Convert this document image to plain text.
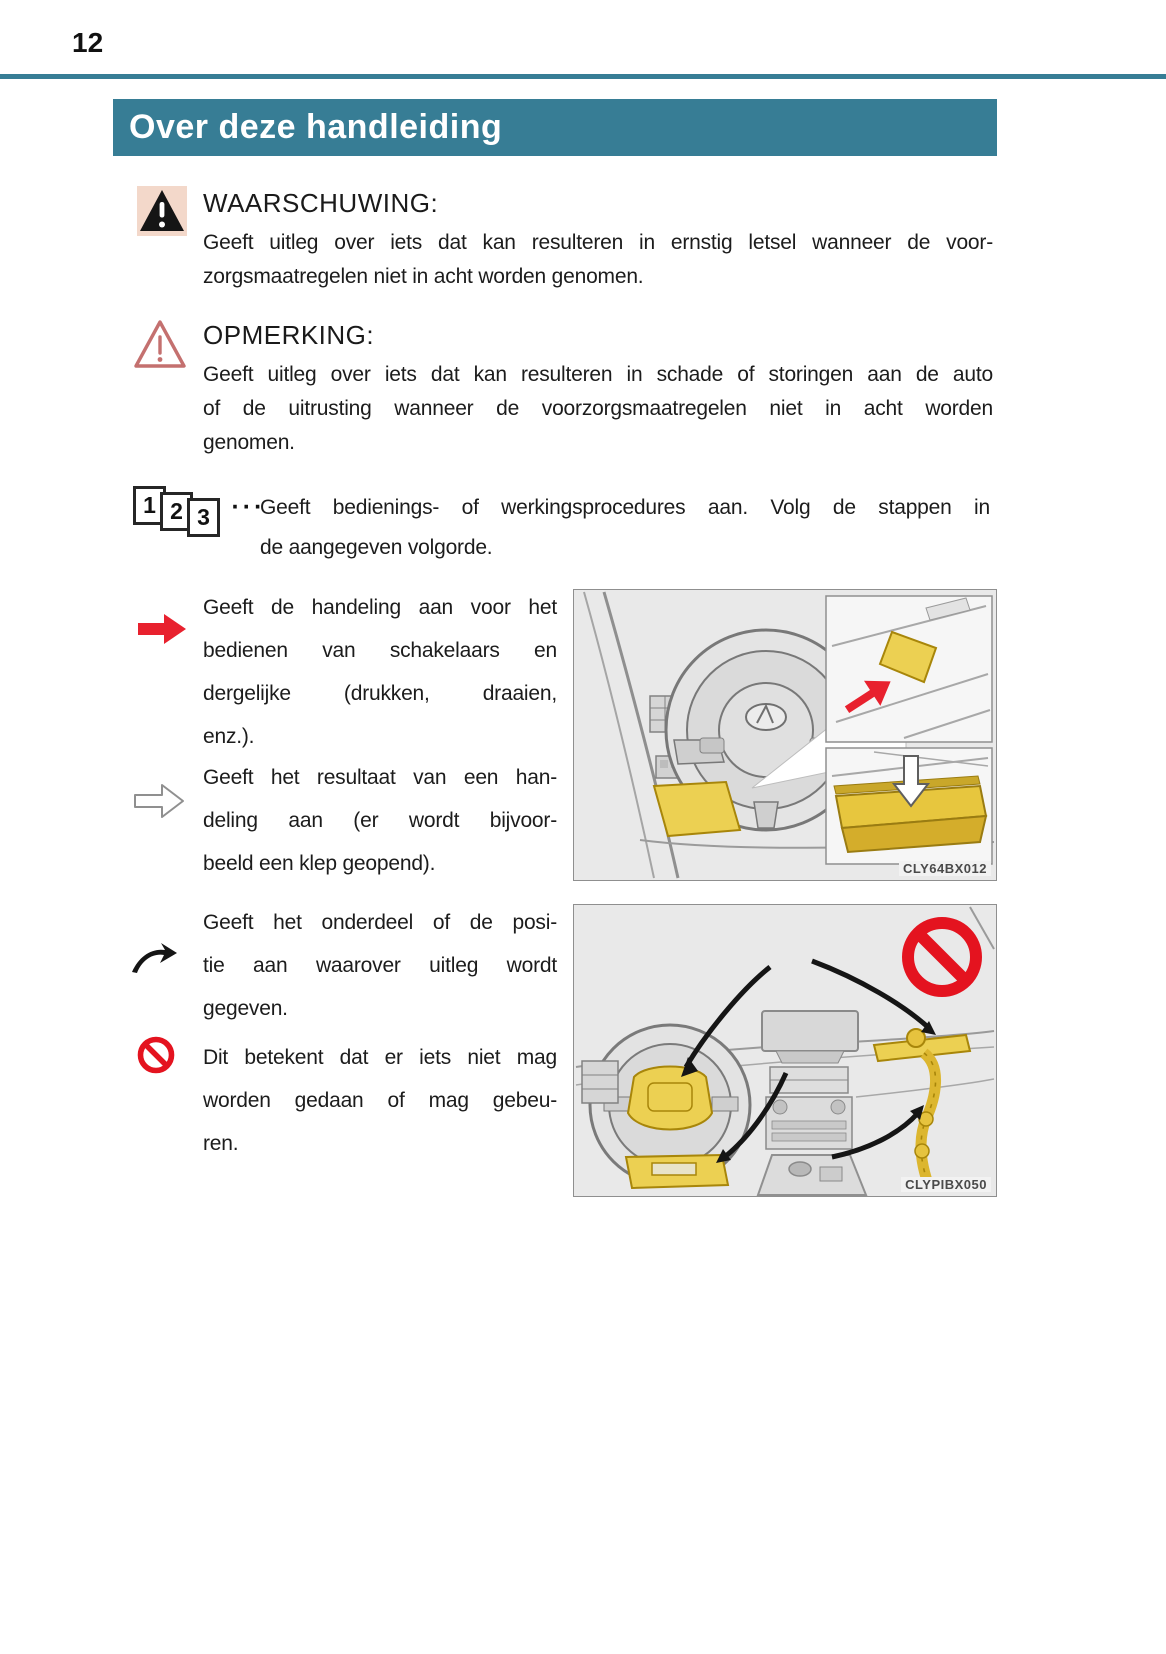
12
Over deze handleiding
WAARSCHUWING:
Geeft uitleg over iets dat kan resulteren in ernstig letsel wanneer de voor-
zorgsmaatregelen niet in acht worden genomen.
OPMERKING:
Geeft uitleg over iets dat kan resulteren in schade of storingen aan de auto
of de uitrusting wanneer de voorzorgsmaatregelen niet in acht worden
genomen.
1 2 3 ···
Geeft bedienings- of werkingsprocedures aan. Volg de stappen in
de aangegeven volgorde.
Geeft de handeling aan voor het
bedienen van schakelaars en
dergelijke (drukken, draaien,
enz.).
Geeft het resultaat van een han-
deling aan (er wordt bijvoor-
beeld een klep geopend).
Geeft het onderdeel of de posi-
tie aan waarover uitleg wordt
gegeven.
Dit betekent dat er iets niet mag
worden gedaan of mag gebeu-
ren.
CLY64BX012
CLYPIBX050
